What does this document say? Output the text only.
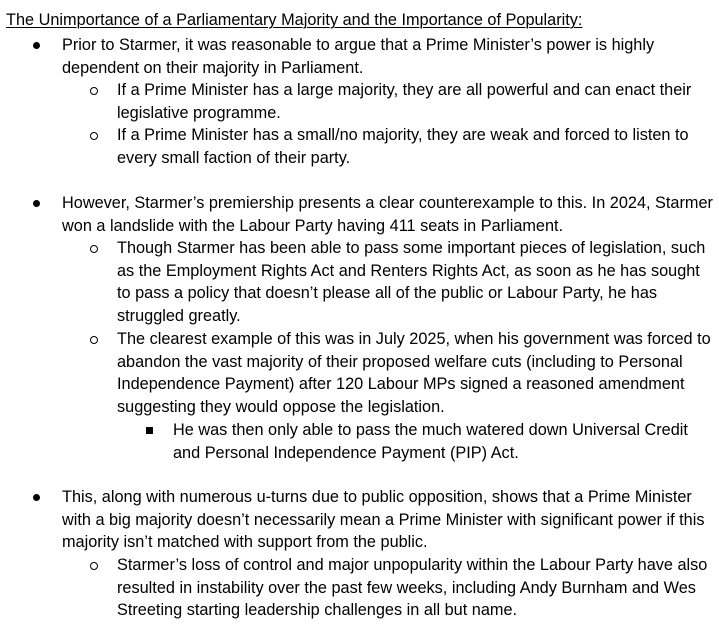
The Unimportance of a Parliamentary Majority and the Importance of Popularity:
Prior to Starmer, it was reasonable to argue that a Prime Minister’s power is highly dependent on their majority in Parliament.
If a Prime Minister has a large majority, they are all powerful and can enact their legislative programme.
If a Prime Minister has a small/no majority, they are weak and forced to listen to every small faction of their party.
However, Starmer’s premiership presents a clear counterexample to this. In 2024, Starmer won a landslide with the Labour Party having 411 seats in Parliament.
Though Starmer has been able to pass some important pieces of legislation, such as the Employment Rights Act and Renters Rights Act, as soon as he has sought to pass a policy that doesn’t please all of the public or Labour Party, he has struggled greatly.
The clearest example of this was in July 2025, when his government was forced to abandon the vast majority of their proposed welfare cuts (including to Personal Independence Payment) after 120 Labour MPs signed a reasoned amendment suggesting they would oppose the legislation.
He was then only able to pass the much watered down Universal Credit and Personal Independence Payment (PIP) Act.
This, along with numerous u-turns due to public opposition, shows that a Prime Minister with a big majority doesn’t necessarily mean a Prime Minister with significant power if this majority isn’t matched with support from the public.
Starmer’s loss of control and major unpopularity within the Labour Party have also resulted in instability over the past few weeks, including Andy Burnham and Wes Streeting starting leadership challenges in all but name.
